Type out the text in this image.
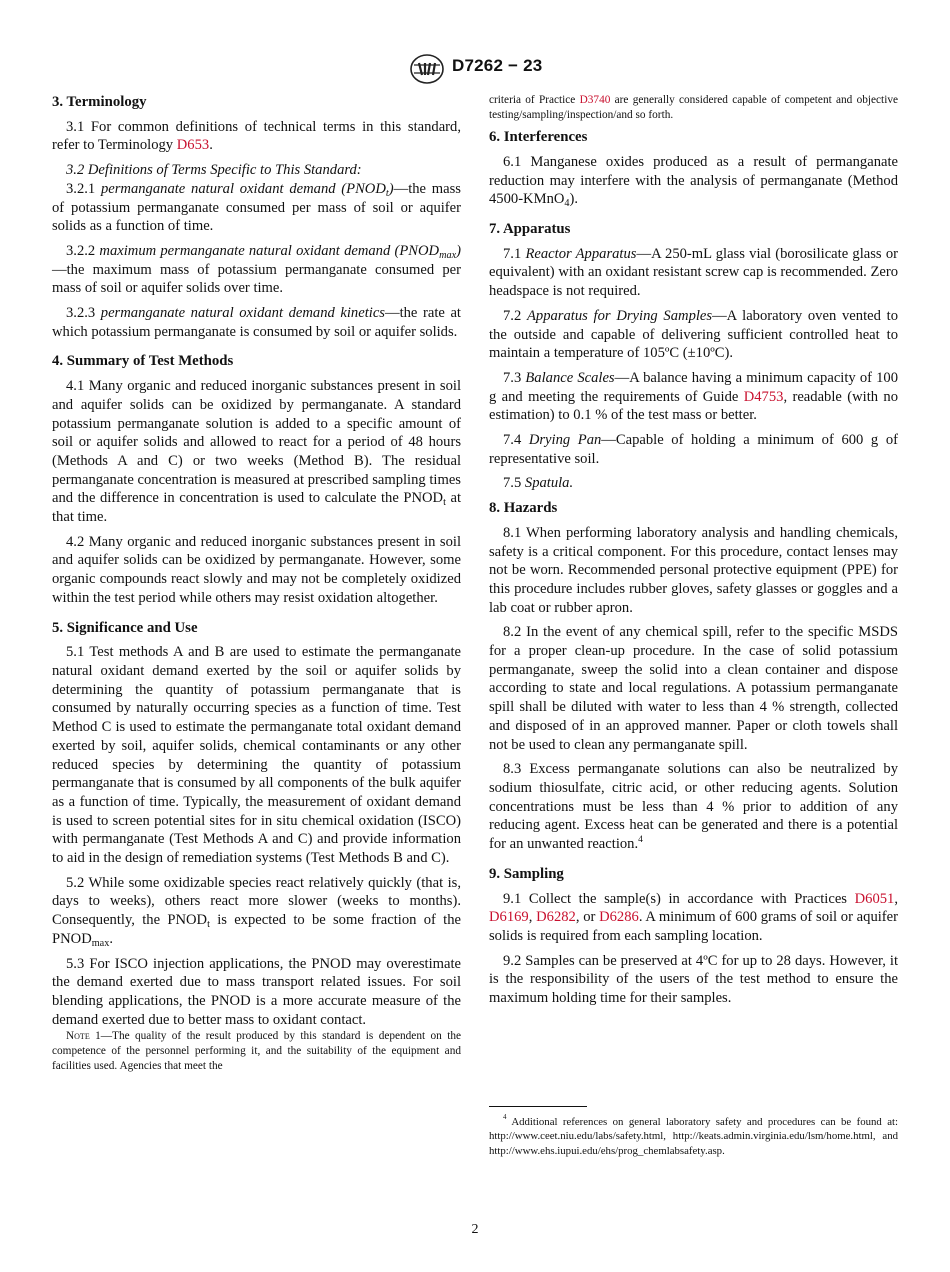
D7262 − 23
3. Terminology

3.1 For common definitions of technical terms in this standard, refer to Terminology D653.

3.2 Definitions of Terms Specific to This Standard:

3.2.1 permanganate natural oxidant demand $(PNOD_t)—the$ mass of potassium permanganate consumed per mass of soil or aquifer solids as a function of time.

3.2.2 maximum permanganate natural oxidant demand $(PNOD_{max})—the$ maximum mass of potassium permanganate consumed per mass of soil or aquifer solids over time.

3.2.3 permanganate natural oxidant demand kinetics—the rate at which potassium permanganate is consumed by soil or aquifer solids.

4. Summary of Test Methods

4.1 Many organic and reduced inorganic substances present in soil and aquifer solids can be oxidized by permanganate. A standard potassium permanganate solution is added to a specific amount of soil or aquifer solids and allowed to react for a period of 48 hours (Methods A and C) or two weeks (Method B). The residual permanganate concentration is measured at prescribed sampling times and the difference in concentration is used to calculate the $PNOD_t$ at that time.

4.2 Many organic and reduced inorganic substances present in soil and aquifer solids can be oxidized by permanganate. However, some organic compounds react slowly and may not be completely oxidized within the test period while others may resist oxidation altogether.

5. Significance and Use

5.1 Test methods A and B are used to estimate the permanganate natural oxidant demand exerted by the soil or aquifer solids by determining the quantity of potassium permanganate that is consumed by naturally occurring species as a function of time. Test Method C is used to estimate the permanganate total oxidant demand exerted by soil, aquifer solids, chemical contaminants or any other reduced species by determining the quantity of potassium permanganate that is consumed by all components of the bulk aquifer as a function of time. Typically, the measurement of oxidant demand is used to screen potential sites for in situ chemical oxidation (ISCO) with permanganate (Test Methods A and C) and provide information to aid in the design of remediation systems (Test Methods B and C).

5.2 While some oxidizable species react relatively quickly (that is, days to weeks), others react more slower (weeks to months). Consequently, the $PNOD_t$ is expected to be some fraction of the $PNOD_{max}$.

5.3 For ISCO injection applications, the PNOD may overestimate the demand exerted due to mass transport related issues. For soil blending applications, the PNOD is a more accurate measure of the demand exerted due to better mass to oxidant contact.

Note 1—The quality of the result produced by this standard is dependent on the competence of the personnel performing it, and the suitability of the equipment and facilities used. Agencies that meet the

criteria of Practice D3740 are generally considered capable of competent and objective testing/sampling/inspection/and so forth.

6. Interferences

6.1 Manganese oxides produced as a result of permanganate reduction may interfere with the analysis of permanganate (Method 4500-KMnO$_4$).

7. Apparatus

7.1 Reactor Apparatus—A 250-mL glass vial (borosilicate glass or equivalent) with an oxidant resistant screw cap is recommended. Zero headspace is not required.

7.2 Apparatus for Drying Samples—A laboratory oven vented to the outside and capable of delivering sufficient controlled heat to maintain a temperature of 105ºC (±10ºC).

7.3 Balance Scales—A balance having a minimum capacity of 100 g and meeting the requirements of Guide D4753, readable (with no estimation) to 0.1 % of the test mass or better.

7.4 Drying Pan—Capable of holding a minimum of 600 g of representative soil.

7.5 Spatula.

8. Hazards

8.1 When performing laboratory analysis and handling chemicals, safety is a critical component. For this procedure, contact lenses may not be worn. Recommended personal protective equipment (PPE) for this procedure includes rubber gloves, safety glasses or goggles and a lab coat or rubber apron.

8.2 In the event of any chemical spill, refer to the specific MSDS for a proper clean-up procedure. In the case of solid potassium permanganate, sweep the solid into a clean container and dispose according to state and local regulations. A potassium permanganate spill shall be diluted with water to less than 4 % strength, collected and disposed of in an approved manner. Paper or cloth towels shall not be used to clean any permanganate spill.

8.3 Excess permanganate solutions can also be neutralized by sodium thiosulfate, citric acid, or other reducing agents. Solution concentrations must be less than 4 % prior to addition of any reducing agent. Excess heat can be generated and there is a potential for an unwanted reaction.$^4$

9. Sampling

9.1 Collect the sample(s) in accordance with Practices D6051, D6169, D6282, or D6286. A minimum of 600 grams of soil or aquifer solids is required from each sampling location.

9.2 Samples can be preserved at 4ºC for up to 28 days. However, it is the responsibility of the users of the test method to ensure the maximum holding time for their samples.

$^4$ Additional references on general laboratory safety and procedures can be found at: http://www.ceet.niu.edu/labs/safety.html, http://keats.admin.virginia.edu/lsm/home.html, and http://www.ehs.iupui.edu/ehs/prog_chemlabsafety.asp.

2
